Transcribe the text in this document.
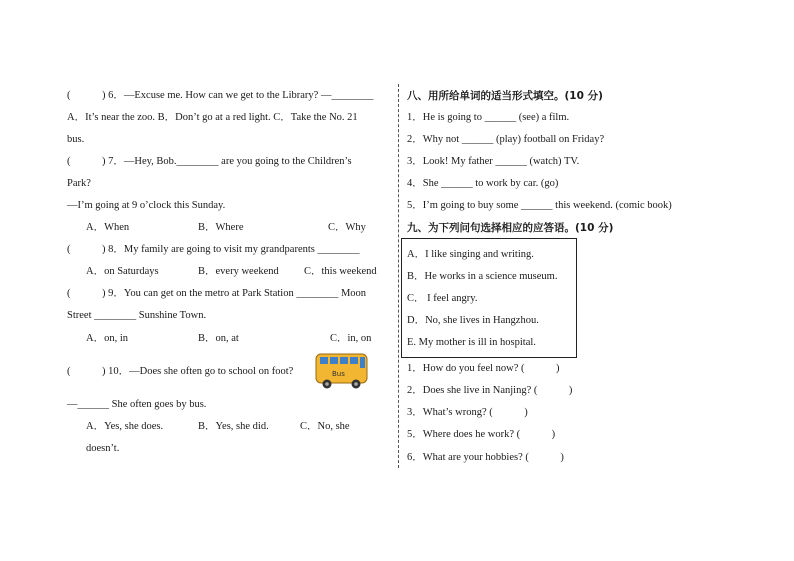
(　　　) 6．—Excuse me. How can we get to the Library? —________
A．It’s near the zoo. B．Don’t go at a red light. C．Take the No. 21
bus.
(　　　) 7．—Hey, Bob.________ are you going to the Children’s
Park?
—I’m going at 9 o’clock this Sunday.
A．When	B．Where	C．Why
(　　　) 8．My family are going to visit my grandparents ________
A．on Saturdays	B．every weekend C．this weekend
(　　　) 9．You can get on the metro at Park Station ________ Moon
Street ________ Sunshine Town.
A．on, in	B．on, at	C．in, on
(　　　) 10．—Does she often go to school on foot?	Bus
—______ She often goes by bus.
A．Yes, she does.	B．Yes, she did.	C．No, she
doesn’t.
八、用所给单词的适当形式填空。(10 分)
1．He is going to ______ (see) a film.
2．Why not ______ (play) football on Friday?
3．Look! My father ______ (watch) TV.
4．She ______ to work by car. (go)
5．I’m going to buy some ______ this weekend. (comic book)
九、为下列问句选择相应的应答语。(10 分)
A．I like singing and writing.
B．He works in a science museum.
C． I feel angry.
D．No, she lives in Hangzhou.
E. My mother is ill in hospital.
1．How do you feel now? (　　　)
2．Does she live in Nanjing? (　　　)
3．What’s wrong? (　　　)
5．Where does he work? (　　　)
6．What are your hobbies? (　　　)
